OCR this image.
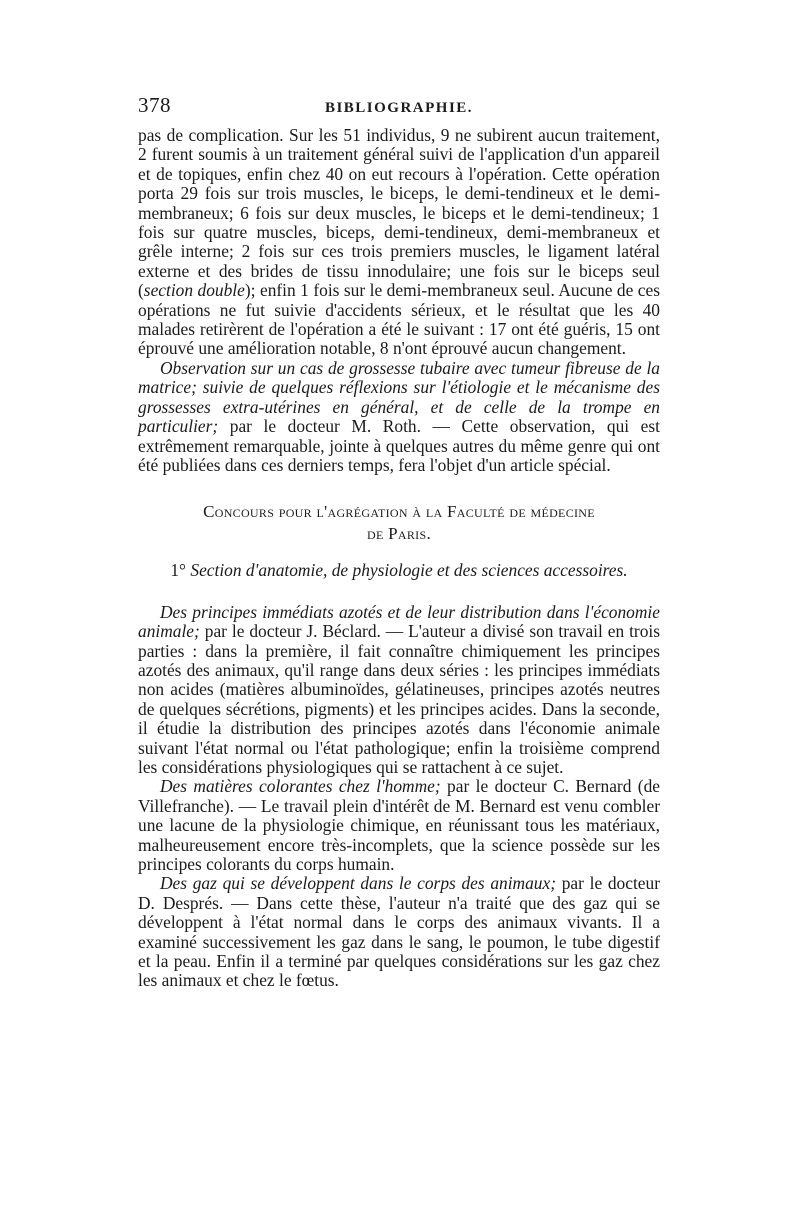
378	BIBLIOGRAPHIE.

pas de complication. Sur les 51 individus, 9 ne subirent aucun traitement, 2 furent soumis à un traitement général suivi de l'application d'un appareil et de topiques, enfin chez 40 on eut recours à l'opération. Cette opération porta 29 fois sur trois muscles, le biceps, le demi-tendineux et le demi-membraneux; 6 fois sur deux muscles, le biceps et le demi-tendineux; 1 fois sur quatre muscles, biceps, demi-tendineux, demi-membraneux et grêle interne; 2 fois sur ces trois premiers muscles, le ligament latéral externe et des brides de tissu innodulaire; une fois sur le biceps seul (section double); enfin 1 fois sur le demi-membraneux seul. Aucune de ces opérations ne fut suivie d'accidents sérieux, et le résultat que les 40 malades retirèrent de l'opération a été le suivant : 17 ont été guéris, 15 ont éprouvé une amélioration notable, 8 n'ont éprouvé aucun changement.

Observation sur un cas de grossesse tubaire avec tumeur fibreuse de la matrice; suivie de quelques réflexions sur l'étiologie et le mécanisme des grossesses extra-utérines en général, et de celle de la trompe en particulier; par le docteur M. Roth. — Cette observation, qui est extrêmement remarquable, jointe à quelques autres du même genre qui ont été publiées dans ces derniers temps, fera l'objet d'un article spécial.

Concours pour l'agrégation à la Faculté de médecine
de Paris.
1° Section d'anatomie, de physiologie et des sciences accessoires.

Des principes immédiats azotés et de leur distribution dans l'économie animale; par le docteur J. Béclard. — L'auteur a divisé son travail en trois parties : dans la première, il fait connaître chimiquement les principes azotés des animaux, qu'il range dans deux séries : les principes immédiats non acides (matières albuminoïdes, gélatineuses, principes azotés neutres de quelques sécrétions, pigments) et les principes acides. Dans la seconde, il étudie la distribution des principes azotés dans l'économie animale suivant l'état normal ou l'état pathologique; enfin la troisième comprend les considérations physiologiques qui se rattachent à ce sujet.

Des matières colorantes chez l'homme; par le docteur C. Bernard (de Villefranche). — Le travail plein d'intérêt de M. Bernard est venu combler une lacune de la physiologie chimique, en réunissant tous les matériaux, malheureusement encore très-incomplets, que la science possède sur les principes colorants du corps humain.

Des gaz qui se développent dans le corps des animaux; par le docteur D. Després. — Dans cette thèse, l'auteur n'a traité que des gaz qui se développent à l'état normal dans le corps des animaux vivants. Il a examiné successivement les gaz dans le sang, le poumon, le tube digestif et la peau. Enfin il a terminé par quelques considérations sur les gaz chez les animaux et chez le fœtus.
